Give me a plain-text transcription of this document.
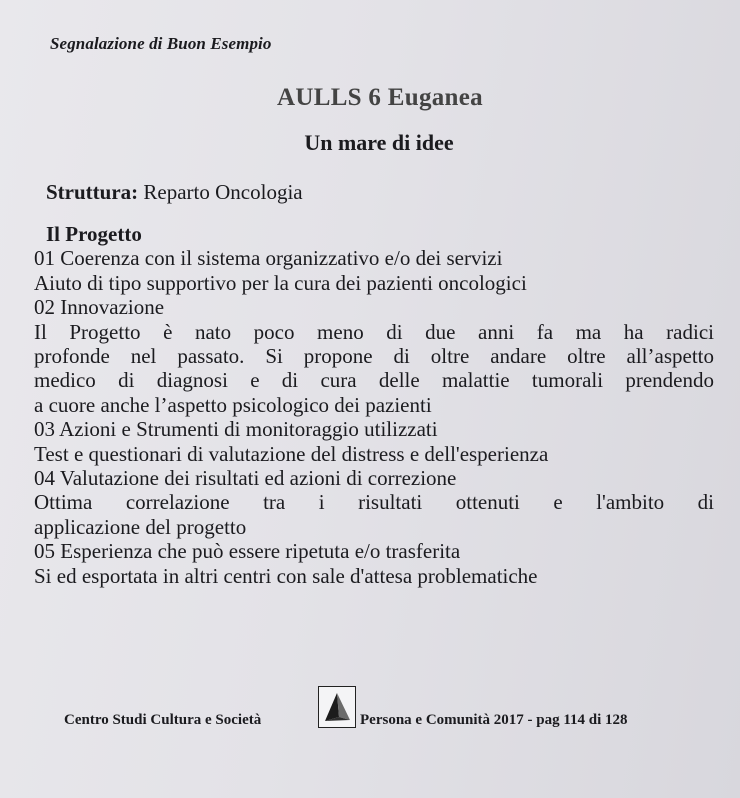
Segnalazione di Buon Esempio
AULLS 6 Euganea
Un mare di idee
Struttura: Reparto Oncologia
Il Progetto
01 Coerenza con il sistema organizzativo e/o dei servizi
Aiuto di tipo supportivo per la cura dei pazienti oncologici
02 Innovazione
Il Progetto è nato poco meno di due anni fa ma ha radici
profonde nel passato. Si propone di oltre andare oltre all’aspetto
medico di diagnosi e di cura delle malattie tumorali prendendo
a cuore anche l’aspetto psicologico dei pazienti
03 Azioni e Strumenti di monitoraggio utilizzati
Test e questionari di valutazione del distress e dell'esperienza
04 Valutazione dei risultati ed azioni di correzione
Ottima correlazione tra i risultati ottenuti e l'ambito di
applicazione del progetto
05 Esperienza che può essere ripetuta e/o trasferita
Si ed esportata in altri centri con sale d'attesa problematiche
Centro Studi Cultura e Società	Persona e Comunità 2017 - pag 114 di 128
